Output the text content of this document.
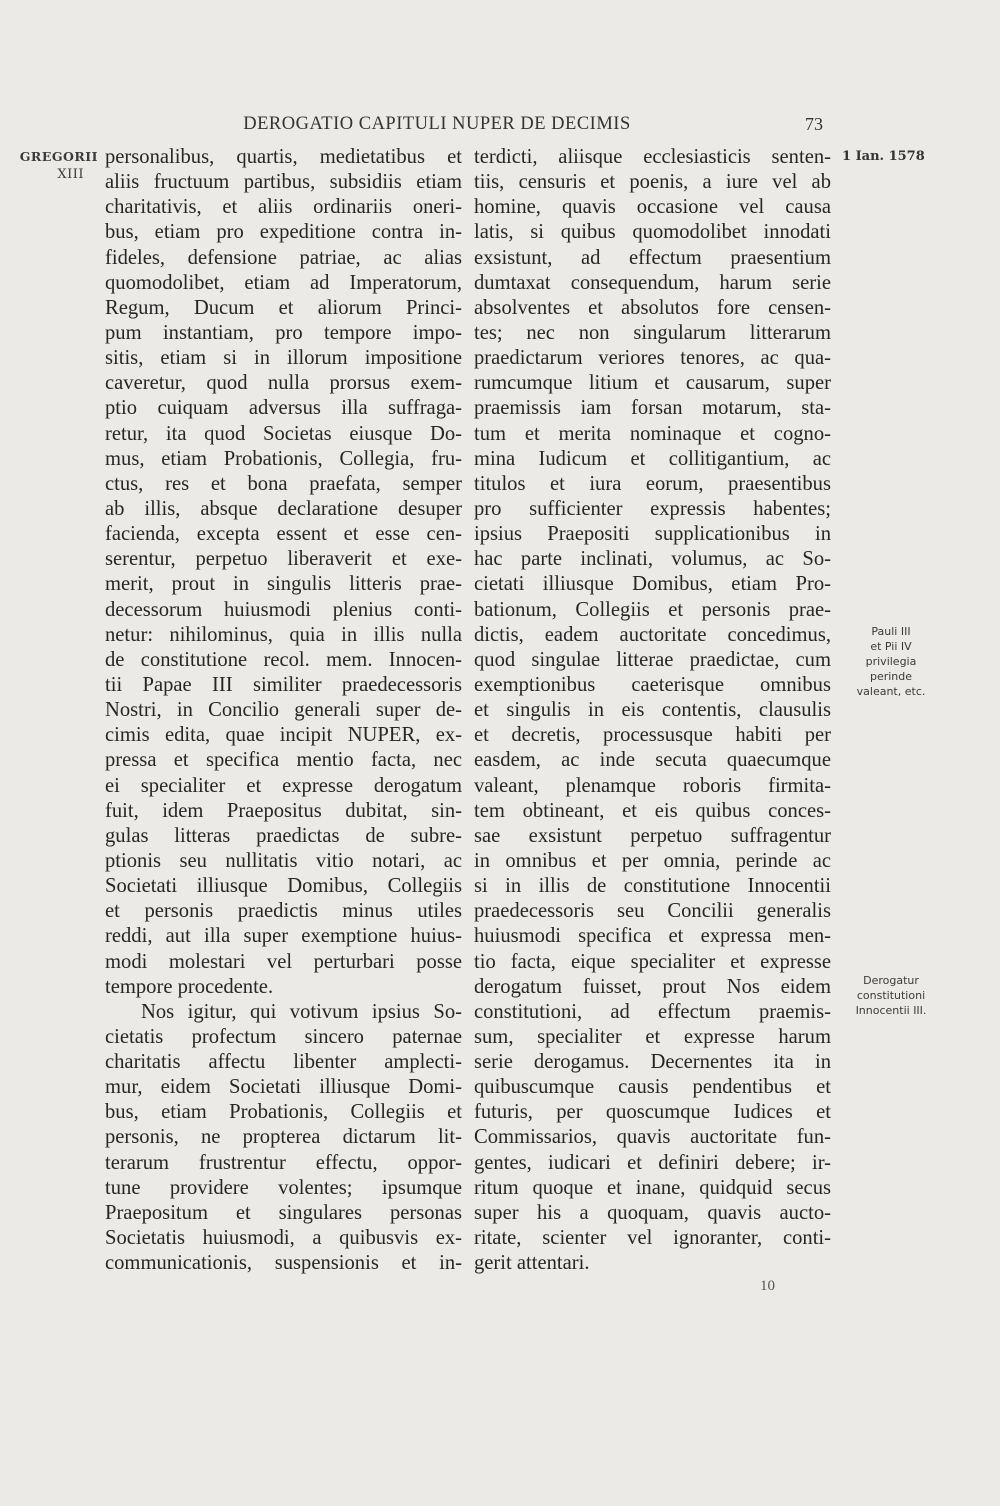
DEROGATIO CAPITULI NUPER DE DECIMIS	73
GREGORII
XIII
1 Ian. 1578
Pauli III
et Pii IV
privilegia
perinde
valeant, etc.
Derogatur
constitutioni
Innocentii III.
personalibus, quartis, medietatibus et
aliis fructuum partibus, subsidiis etiam
charitativis, et aliis ordinariis oneri-
bus, etiam pro expeditione contra in-
fideles, defensione patriae, ac alias
quomodolibet, etiam ad Imperatorum,
Regum, Ducum et aliorum Princi-
pum instantiam, pro tempore impo-
sitis, etiam si in illorum impositione
caveretur, quod nulla prorsus exem-
ptio cuiquam adversus illa suffraga-
retur, ita quod Societas eiusque Do-
mus, etiam Probationis, Collegia, fru-
ctus, res et bona praefata, semper
ab illis, absque declaratione desuper
facienda, excepta essent et esse cen-
serentur, perpetuo liberaverit et exe-
merit, prout in singulis litteris prae-
decessorum huiusmodi plenius conti-
netur: nihilominus, quia in illis nulla
de constitutione recol. mem. Innocen-
tii Papae III similiter praedecessoris
Nostri, in Concilio generali super de-
cimis edita, quae incipit NUPER, ex-
pressa et specifica mentio facta, nec
ei specialiter et expresse derogatum
fuit, idem Praepositus dubitat, sin-
gulas litteras praedictas de subre-
ptionis seu nullitatis vitio notari, ac
Societati illiusque Domibus, Collegiis
et personis praedictis minus utiles
reddi, aut illa super exemptione huius-
modi molestari vel perturbari posse
tempore procedente.
Nos igitur, qui votivum ipsius So-
cietatis profectum sincero paternae
charitatis affectu libenter amplecti-
mur, eidem Societati illiusque Domi-
bus, etiam Probationis, Collegiis et
personis, ne propterea dictarum lit-
terarum frustrentur effectu, oppor-
tune providere volentes; ipsumque
Praepositum et singulares personas
Societatis huiusmodi, a quibusvis ex-
communicationis, suspensionis et in-
terdicti, aliisque ecclesiasticis senten-
tiis, censuris et poenis, a iure vel ab
homine, quavis occasione vel causa
latis, si quibus quomodolibet innodati
exsistunt, ad effectum praesentium
dumtaxat consequendum, harum serie
absolventes et absolutos fore censen-
tes; nec non singularum litterarum
praedictarum veriores tenores, ac qua-
rumcumque litium et causarum, super
praemissis iam forsan motarum, sta-
tum et merita nominaque et cogno-
mina Iudicum et collitigantium, ac
titulos et iura eorum, praesentibus
pro sufficienter expressis habentes;
ipsius Praepositi supplicationibus in
hac parte inclinati, volumus, ac So-
cietati illiusque Domibus, etiam Pro-
bationum, Collegiis et personis prae-
dictis, eadem auctoritate concedimus,
quod singulae litterae praedictae, cum
exemptionibus caeterisque omnibus
et singulis in eis contentis, clausulis
et decretis, processusque habiti per
easdem, ac inde secuta quaecumque
valeant, plenamque roboris firmita-
tem obtineant, et eis quibus conces-
sae exsistunt perpetuo suffragentur
in omnibus et per omnia, perinde ac
si in illis de constitutione Innocentii
praedecessoris seu Concilii generalis
huiusmodi specifica et expressa men-
tio facta, eique specialiter et expresse
derogatum fuisset, prout Nos eidem
constitutioni, ad effectum praemis-
sum, specialiter et expresse harum
serie derogamus. Decernentes ita in
quibuscumque causis pendentibus et
futuris, per quoscumque Iudices et
Commissarios, quavis auctoritate fun-
gentes, iudicari et definiri debere; ir-
ritum quoque et inane, quidquid secus
super his a quoquam, quavis aucto-
ritate, scienter vel ignoranter, conti-
gerit attentari.
10
